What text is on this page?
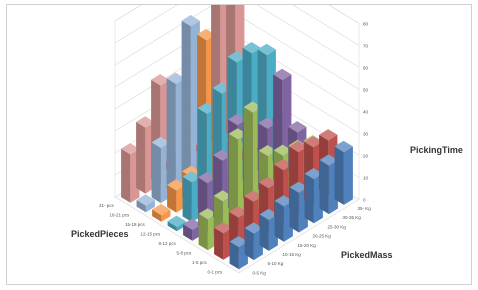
0-1 pcs
1-5 pcs
5-8 pcs
8-12 pcs
12-15 pcs
15-18 pcs
18-21 pcs
21- pcs
0-5 Kg
5-10 Kg
10-15 Kg
15-20 Kg
20-25 Kg
25-30 Kg
30-35 Kg
35- Kg
0
10
20
30
40
50
60
70
80
PickedPieces
PickedMass
PickingTime
